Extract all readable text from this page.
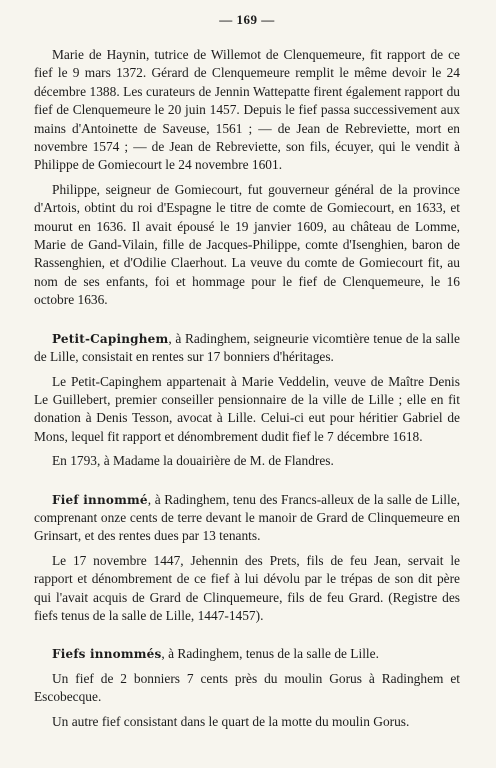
— 169 —

Marie de Haynin, tutrice de Willemot de Clenquemeure, fit rapport de ce fief le 9 mars 1372. Gérard de Clenquemeure remplit le même devoir le 24 décembre 1388. Les curateurs de Jennin Wattepatte firent également rapport du fief de Clenquemeure le 20 juin 1457. Depuis le fief passa successivement aux mains d'Antoinette de Saveuse, 1561 ; — de Jean de Rebreviette, mort en novembre 1574 ; — de Jean de Rebreviette, son fils, écuyer, qui le vendit à Philippe de Gomiecourt le 24 novembre 1601.

Philippe, seigneur de Gomiecourt, fut gouverneur général de la province d'Artois, obtint du roi d'Espagne le titre de comte de Gomiecourt, en 1633, et mourut en 1636. Il avait épousé le 19 janvier 1609, au château de Lomme, Marie de Gand-Vilain, fille de Jacques-Philippe, comte d'Isenghien, baron de Rassenghien, et d'Odilie Claerhout. La veuve du comte de Gomiecourt fit, au nom de ses enfants, foi et hommage pour le fief de Clenquemeure, le 16 octobre 1636.

Petit-Capinghem, à Radinghem, seigneurie vicomtière tenue de la salle de Lille, consistait en rentes sur 17 bonniers d'héritages.

Le Petit-Capinghem appartenait à Marie Veddelin, veuve de Maître Denis Le Guillebert, premier conseiller pensionnaire de la ville de Lille ; elle en fit donation à Denis Tesson, avocat à Lille. Celui-ci eut pour héritier Gabriel de Mons, lequel fit rapport et dénombrement dudit fief le 7 décembre 1618.

En 1793, à Madame la douairière de M. de Flandres.

Fief innommé, à Radinghem, tenu des Francs-alleux de la salle de Lille, comprenant onze cents de terre devant le manoir de Grard de Clinquemeure en Grinsart, et des rentes dues par 13 tenants.

Le 17 novembre 1447, Jehennin des Prets, fils de feu Jean, servait le rapport et dénombrement de ce fief à lui dévolu par le trépas de son dit père qui l'avait acquis de Grard de Clinquemeure, fils de feu Grard. (Registre des fiefs tenus de la salle de Lille, 1447-1457).

Fiefs innommés, à Radinghem, tenus de la salle de Lille.

Un fief de 2 bonniers 7 cents près du moulin Gorus à Radinghem et Escobecque.

Un autre fief consistant dans le quart de la motte du moulin Gorus.
